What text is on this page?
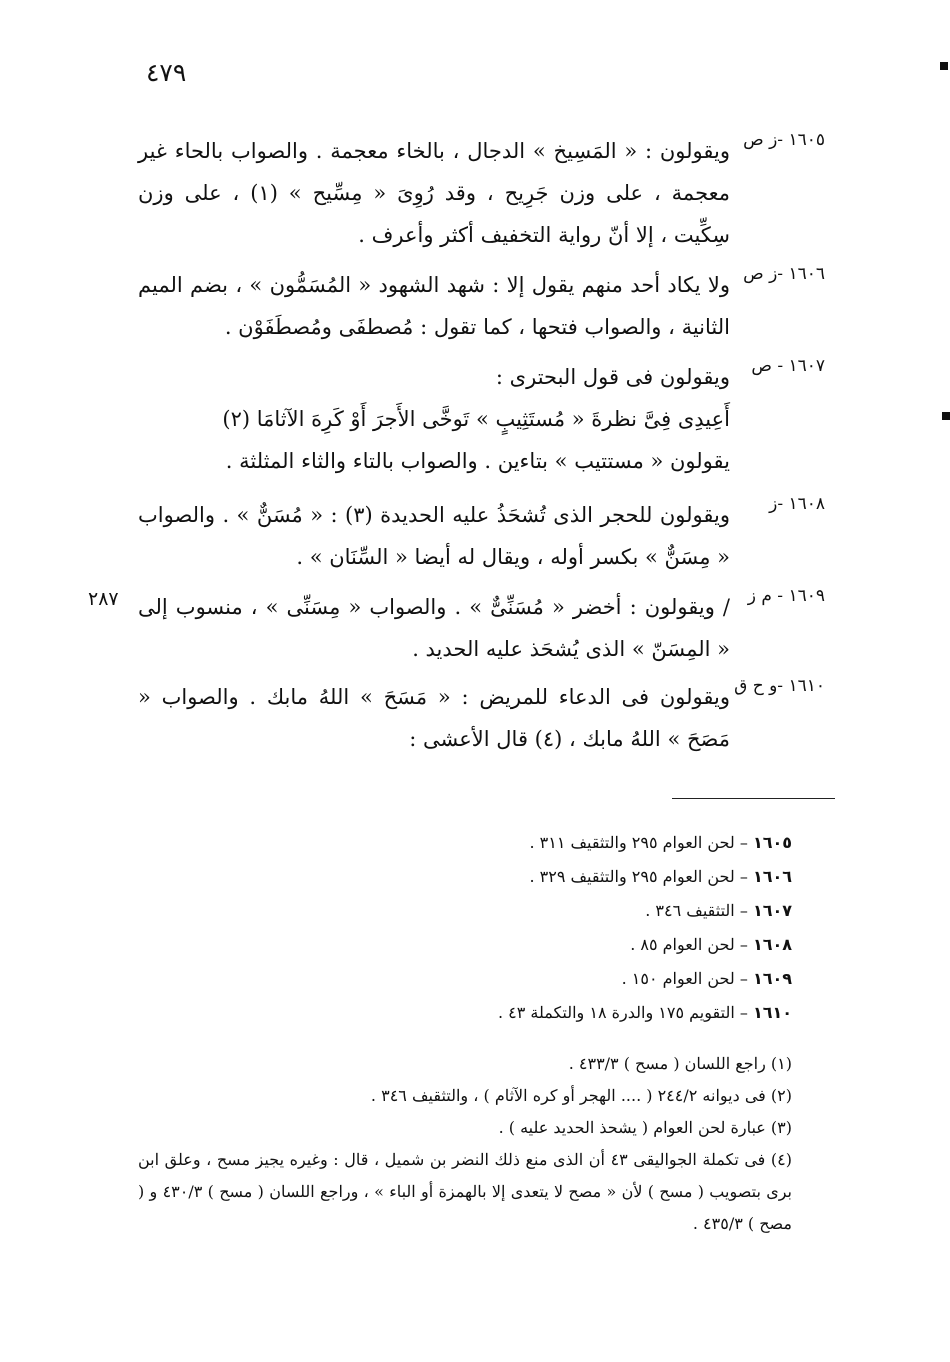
٤٧٩
١٦٠٥ -ز ص
ويقولون : « المَسِيخ » الدجال ، بالخاء معجمة . والصواب بالحاء غير معجمة ، على وزن جَرِيح ، وقد رُوِىَ « مِسِّيح » (١) ، على وزن سِكِّيت ، إلا أنّ رواية التخفيف أكثر وأعرف .
١٦٠٦ -ز ص
ولا يكاد أحد منهم يقول إلا : شهد الشهود « المُسَمُّون » ، بضم الميم الثانية ، والصواب فتحها ، كما تقول : مُصطفَى ومُصطَفَوْن .
١٦٠٧ - ص
ويقولون فى قول البحترى :
أَعِيدِى فِىَّ نظرةَ « مُستَثِيبٍ » تَوخَّى الأَجرَ أَوْ كَرِهَ الآثامَا (٢)
يقولون « مستتيب » بتاءين . والصواب بالتاء والثاء المثلثة .
١٦٠٨ -ز
ويقولون للحجر الذى تُشحَذُ عليه الحديدة (٣) : « مُسَنٌّ » . والصواب « مِسَنٌّ » بكسر أوله ، ويقال له أيضا « السِّنَان » .
١٦٠٩ - م ز
/ ويقولون : أخضر « مُسَنِّىٌّ » . والصواب « مِسَنِّى » ، منسوب إلى « المِسَنّ » الذى يُشحَذ عليه الحديد .
٢٨٧
١٦١٠ -و ح ق
ويقولون فى الدعاء للمريض : « مَسَحَ » اللهُ مابك . والصواب « مَصَحَ » اللهُ مابك ، (٤) قال الأعشى :
١٦٠٥ – لحن العوام ٢٩٥ والتثقيف ٣١١ .
١٦٠٦ – لحن العوام ٢٩٥ والتثقيف ٣٢٩ .
١٦٠٧ – التثقيف ٣٤٦ .
١٦٠٨ – لحن العوام ٨٥ .
١٦٠٩ – لحن العوام ١٥٠ .
١٦١٠ – التقويم ١٧٥ والدرة ١٨ والتكملة ٤٣ .
(١) راجع اللسان ( مسح ) ٤٣٣/٣ .
(٢) فى ديوانه ٢٤٤/٢ ( .... الهجر أو كره الآثام ) ، والتثقيف ٣٤٦ .
(٣) عبارة لحن العوام ( يشحذ الحديد عليه ) .
(٤) فى تكملة الجواليقى ٤٣ أن الذى منع ذلك النضر بن شميل ، قال : وغيره يجيز مسح ، وعلق ابن برى بتصويب ( مسح ) لأن « مصح لا يتعدى إلا بالهمزة أو الباء » ، وراجع اللسان ( مسح ) ٤٣٠/٣ و ( مصح ) ٤٣٥/٣ .
